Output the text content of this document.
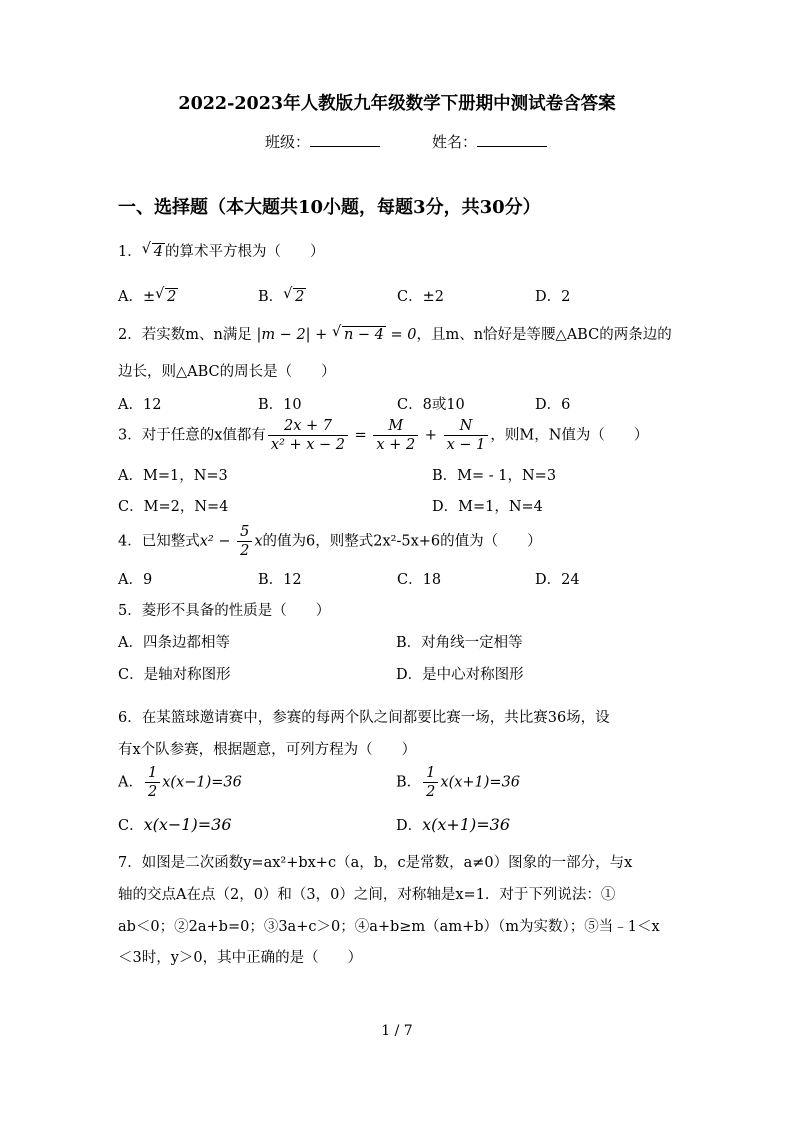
2022-2023年人教版九年级数学下册期中测试卷含答案
班级：	姓名：
一、选择题（本大题共10小题，每题3分，共30分）
1． √ 4 的算术平方根为（　　）
A．± √ 2	B． √ 2	C．±2	D．2
2．若实数m、n满足 |m − 2| + √ n − 4 = 0，且m、n恰好是等腰△ABC的两条边的
边长，则△ABC的周长是（　　）
A．12	B．10	C．8或10	D．6
3．对于任意的x值都有 $\frac{2x + 7}{\text{x² + x − 2}} = \frac{M}{x + 2} + \frac{N}{x - 1}$ ，则M，N值为（　　）
A．M=1，N=3	B．M= - 1，N=3
C．M=2，N=4	D．M=1，N=4
4．已知整式$x^2 - \frac{5}{2}$ x的值为6，则整式2x²-5x+6的值为（　　）
A．9	B．12	C．18	D．24
5．菱形不具备的性质是（　　）
A．四条边都相等	B．对角线一定相等
C．是轴对称图形	D．是中心对称图形
6．在某篮球邀请赛中，参赛的每两个队之间都要比赛一场，共比赛36场，设
有x个队参赛，根据题意，可列方程为（　　）
A． $\frac{1}{2} x(x-1)=36$	B． $\frac{1}{2} x(x+1)=36$
C．x(x−1)=36	D．x(x+1)=36
7．如图是二次函数y=ax²+bx+c（a，b，c是常数，a≠0）图象的一部分，与x
轴的交点A在点（2，0）和（3，0）之间，对称轴是x=1．对于下列说法：①
ab＜0；②2a+b=0；③3a+c＞0；④a+b≥m（am+b）（m为实数）；⑤当﹣1＜x
＜3时，y＞0，其中正确的是（　　）
1 / 7
